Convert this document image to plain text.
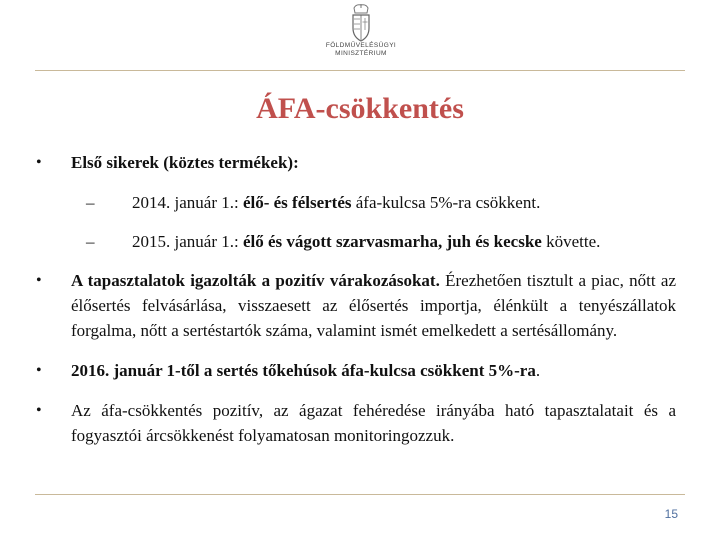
FÖLDMŰVELÉSÜGYI
MINISZTÉRIUM
ÁFA-csökkentés
•	Első sikerek (köztes termékek):
– 2014. január 1.: élő- és félsertés áfa-kulcsa 5%-ra csökkent.
– 2015. január 1.: élő és vágott szarvasmarha, juh és kecske követte.
•	A tapasztalatok igazolták a pozitív várakozásokat. Érezhetően tisztult a piac, nőtt az élősertés felvásárlása, visszaesett az élősertés importja, élénkült a tenyészállatok forgalma, nőtt a sertéstartók száma, valamint ismét emelkedett a sertésállomány.
•	2016. január 1-től a sertés tőkehúsok áfa-kulcsa csökkent 5%-ra.
•	Az áfa-csökkentés pozitív, az ágazat fehéredése irányába ható tapasztalatait és a fogyasztói árcsökkenést folyamatosan monitoringozzuk.
15
